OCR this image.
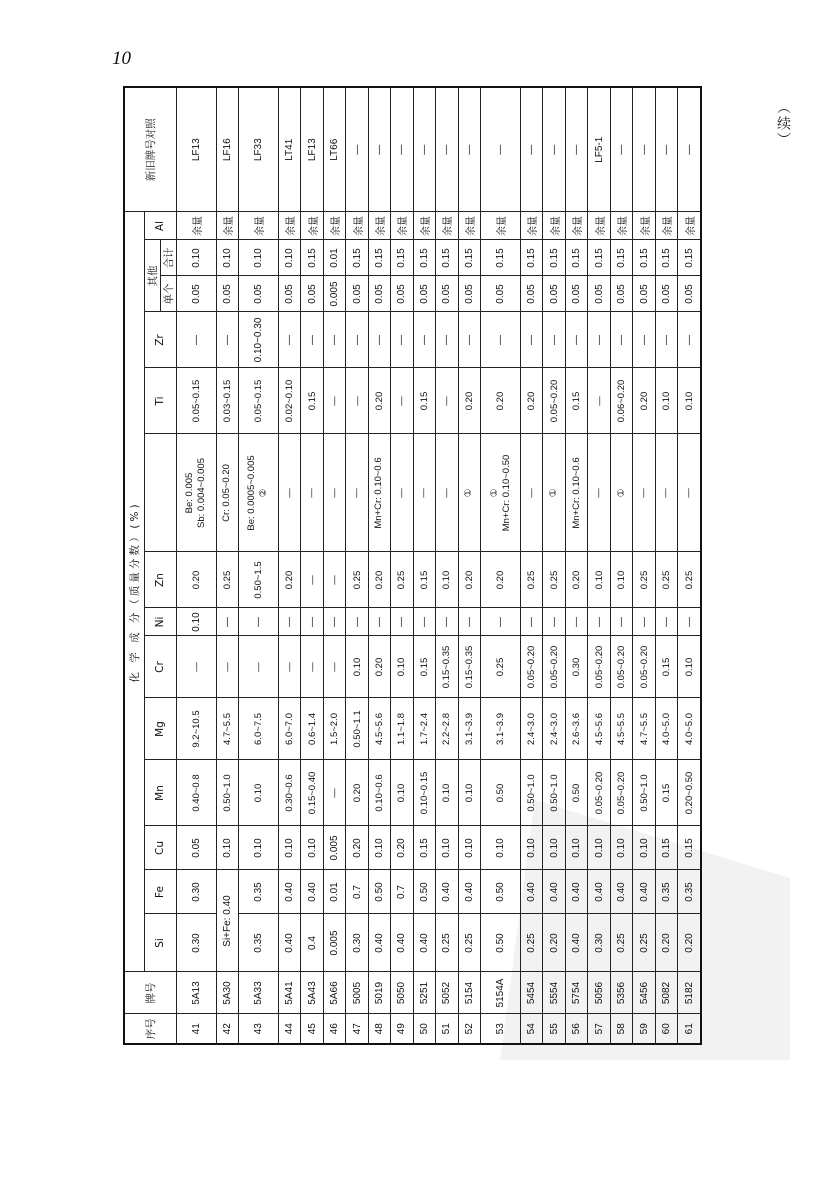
10
（续）
序号	牌号	化 学 成 分（质量分数）(%)														新旧牌号对照
		Si	Fe	Cu	Mn	Mg	Cr	Ni	Zn		Ti	Zr	其他		Al	
													单个	合计		
41	5A13	0.30	0.30	0.05	0.40~0.8	9.2~10.5	—	0.10	0.20	Be: 0.005
Sb: 0.004~0.005	0.05~0.15	—	0.05	0.10	余量	LF13
42	5A30	Si+Fe: 0.40		0.10	0.50~1.0	4.7~5.5	—	—	0.25	Cr: 0.05~0.20	0.03~0.15	—	0.05	0.10	余量	LF16
43	5A33	0.35	0.35	0.10	0.10	6.0~7.5	—	—	0.50~1.5	Be: 0.0005~0.005
②	0.05~0.15	0.10~0.30	0.05	0.10	余量	LF33
44	5A41	0.40	0.40	0.10	0.30~0.6	6.0~7.0	—	—	0.20	—	0.02~0.10	—	0.05	0.10	余量	LT41
45	5A43	0.4	0.40	0.10	0.15~0.40	0.6~1.4	—	—	—	—	0.15	—	0.05	0.15	余量	LF13
46	5A66	0.005	0.01	0.005	—	1.5~2.0	—	—	—	—	—	—	0.005	0.01	余量	LT66
47	5005	0.30	0.7	0.20	0.20	0.50~1.1	0.10	—	0.25	—	—	—	0.05	0.15	余量	—
48	5019	0.40	0.50	0.10	0.10~0.6	4.5~5.6	0.20	—	0.20	Mn+Cr: 0.10~0.6	0.20	—	0.05	0.15	余量	—
49	5050	0.40	0.7	0.20	0.10	1.1~1.8	0.10	—	0.25	—	—	—	0.05	0.15	余量	—
50	5251	0.40	0.50	0.15	0.10~0.15	1.7~2.4	0.15	—	0.15	—	0.15	—	0.05	0.15	余量	—
51	5052	0.25	0.40	0.10	0.10	2.2~2.8	0.15~0.35	—	0.10	—	—	—	0.05	0.15	余量	—
52	5154	0.25	0.40	0.10	0.10	3.1~3.9	0.15~0.35	—	0.20	①	0.20	—	0.05	0.15	余量	—
53	5154A	0.50	0.50	0.10	0.50	3.1~3.9	0.25	—	0.20	①
Mn+Cr: 0.10~0.50	0.20	—	0.05	0.15	余量	—
54	5454	0.25	0.40	0.10	0.50~1.0	2.4~3.0	0.05~0.20	—	0.25	—	0.20	—	0.05	0.15	余量	—
55	5554	0.20	0.40	0.10	0.50~1.0	2.4~3.0	0.05~0.20	—	0.25	①	0.05~0.20	—	0.05	0.15	余量	—
56	5754	0.40	0.40	0.10	0.50	2.6~3.6	0.30	—	0.20	Mn+Cr: 0.10~0.6	0.15	—	0.05	0.15	余量	—
57	5056	0.30	0.40	0.10	0.05~0.20	4.5~5.6	0.05~0.20	—	0.10	—	—	—	0.05	0.15	余量	LF5-1
58	5356	0.25	0.40	0.10	0.05~0.20	4.5~5.5	0.05~0.20	—	0.10	①	0.06~0.20	—	0.05	0.15	余量	—
59	5456	0.25	0.40	0.10	0.50~1.0	4.7~5.5	0.05~0.20	—	0.25	—	0.20	—	0.05	0.15	余量	—
60	5082	0.20	0.35	0.15	0.15	4.0~5.0	0.15	—	0.25	—	0.10	—	0.05	0.15	余量	—
61	5182	0.20	0.35	0.15	0.20~0.50	4.0~5.0	0.10	—	0.25	—	0.10	—	0.05	0.15	余量	—
